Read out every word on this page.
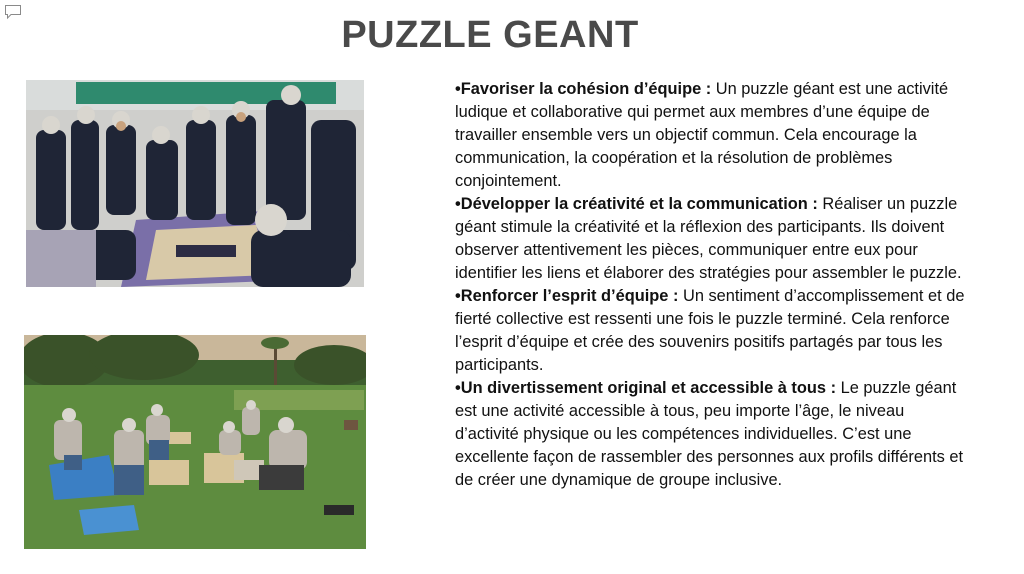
PUZZLE GEANT

•Favoriser la cohésion d’équipe : Un puzzle géant est une activité ludique et collaborative qui permet aux membres d’une équipe de travailler ensemble vers un objectif commun. Cela encourage la communication, la coopération et la résolution de problèmes conjointement.

•Développer la créativité et la communication : Réaliser un puzzle géant stimule la créativité et la réflexion des participants. Ils doivent observer attentivement les pièces, communiquer entre eux pour identifier les liens et élaborer des stratégies pour assembler le puzzle.

•Renforcer l’esprit d’équipe : Un sentiment d’accomplissement et de fierté collective est ressenti une fois le puzzle terminé. Cela renforce l’esprit d’équipe et crée des souvenirs positifs partagés par tous les participants.

•Un divertissement original et accessible à tous : Le puzzle géant est une activité accessible à tous, peu importe l’âge, le niveau d’activité physique ou les compétences individuelles. C’est une excellente façon de rassembler des personnes aux profils différents et de créer une dynamique de groupe inclusive.
